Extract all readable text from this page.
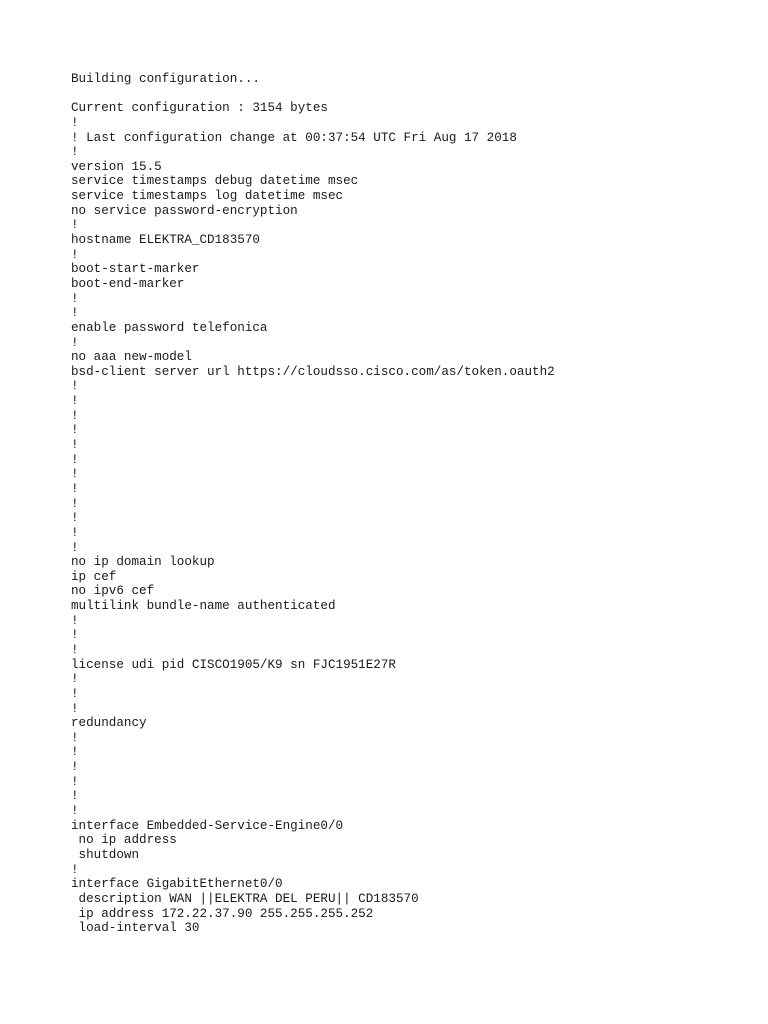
Building configuration...
Current configuration : 3154 bytes
!
! Last configuration change at 00:37:54 UTC Fri Aug 17 2018
!
version 15.5
service timestamps debug datetime msec
service timestamps log datetime msec
no service password-encryption
!
hostname ELEKTRA_CD183570
!
boot-start-marker
boot-end-marker
!
!
enable password telefonica
!
no aaa new-model
bsd-client server url https://cloudsso.cisco.com/as/token.oauth2
!
!
!
!
!
!
!
!
!
!
!
!
no ip domain lookup
ip cef
no ipv6 cef
multilink bundle-name authenticated
!
!
!
license udi pid CISCO1905/K9 sn FJC1951E27R
!
!
!
redundancy
!
!
!
!
!
!
interface Embedded-Service-Engine0/0
no ip address
shutdown
!
interface GigabitEthernet0/0
description WAN ||ELEKTRA DEL PERU|| CD183570
ip address 172.22.37.90 255.255.255.252
load-interval 30
